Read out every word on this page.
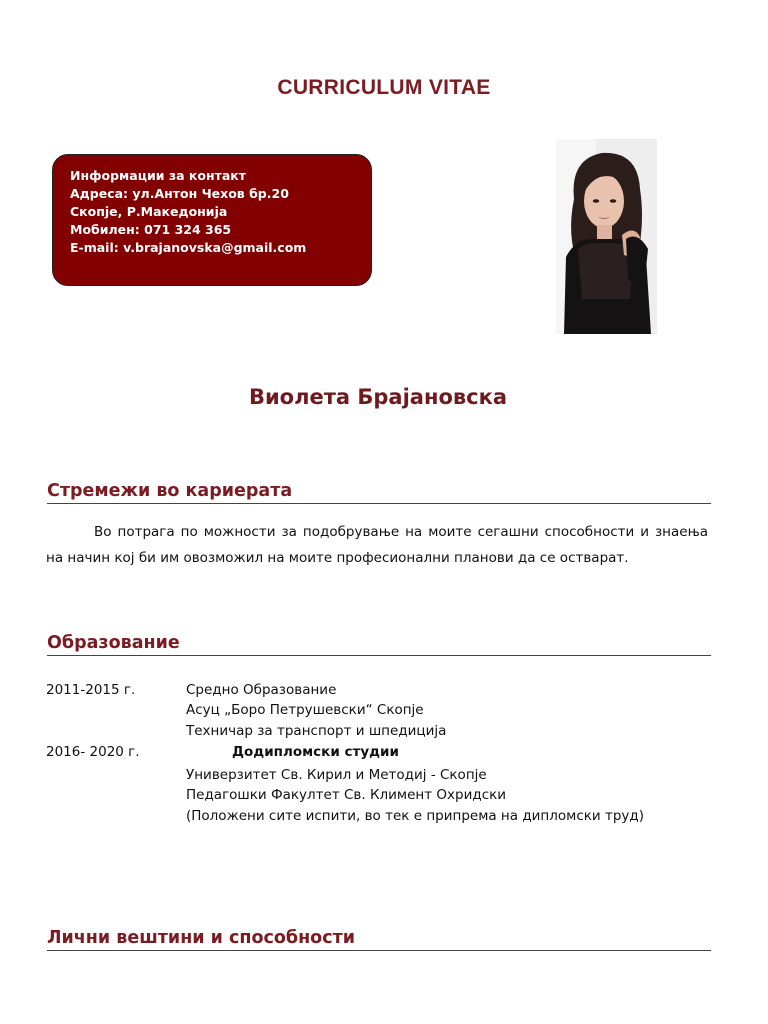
CURRICULUM VITAE
Информации за контакт
Адреса: ул.Антон Чехов бр.20
Скопје, Р.Македонија
Мобилен: 071 324 365
E-mail: v.brajanovska@gmail.com
Виолета Брајановска
Стремежи во кариерата
Во потрага по можности за подобрување на моите сегашни способности и знаења на начин кој би им овозможил на моите професионални планови да се остварат.
Образование
2011-2015 г.	Средно Образование
Асуц „Боро Петрушевски“ Скопје
Техничар за транспорт и шпедиција
2016- 2020 г.	Додипломски студии
Универзитет Св. Кирил и Методиј - Скопје
Педагошки Факултет Св. Климент Охридски
(Положени сите испити, во тек е припрема на дипломски труд)
Лични вештини и способности
